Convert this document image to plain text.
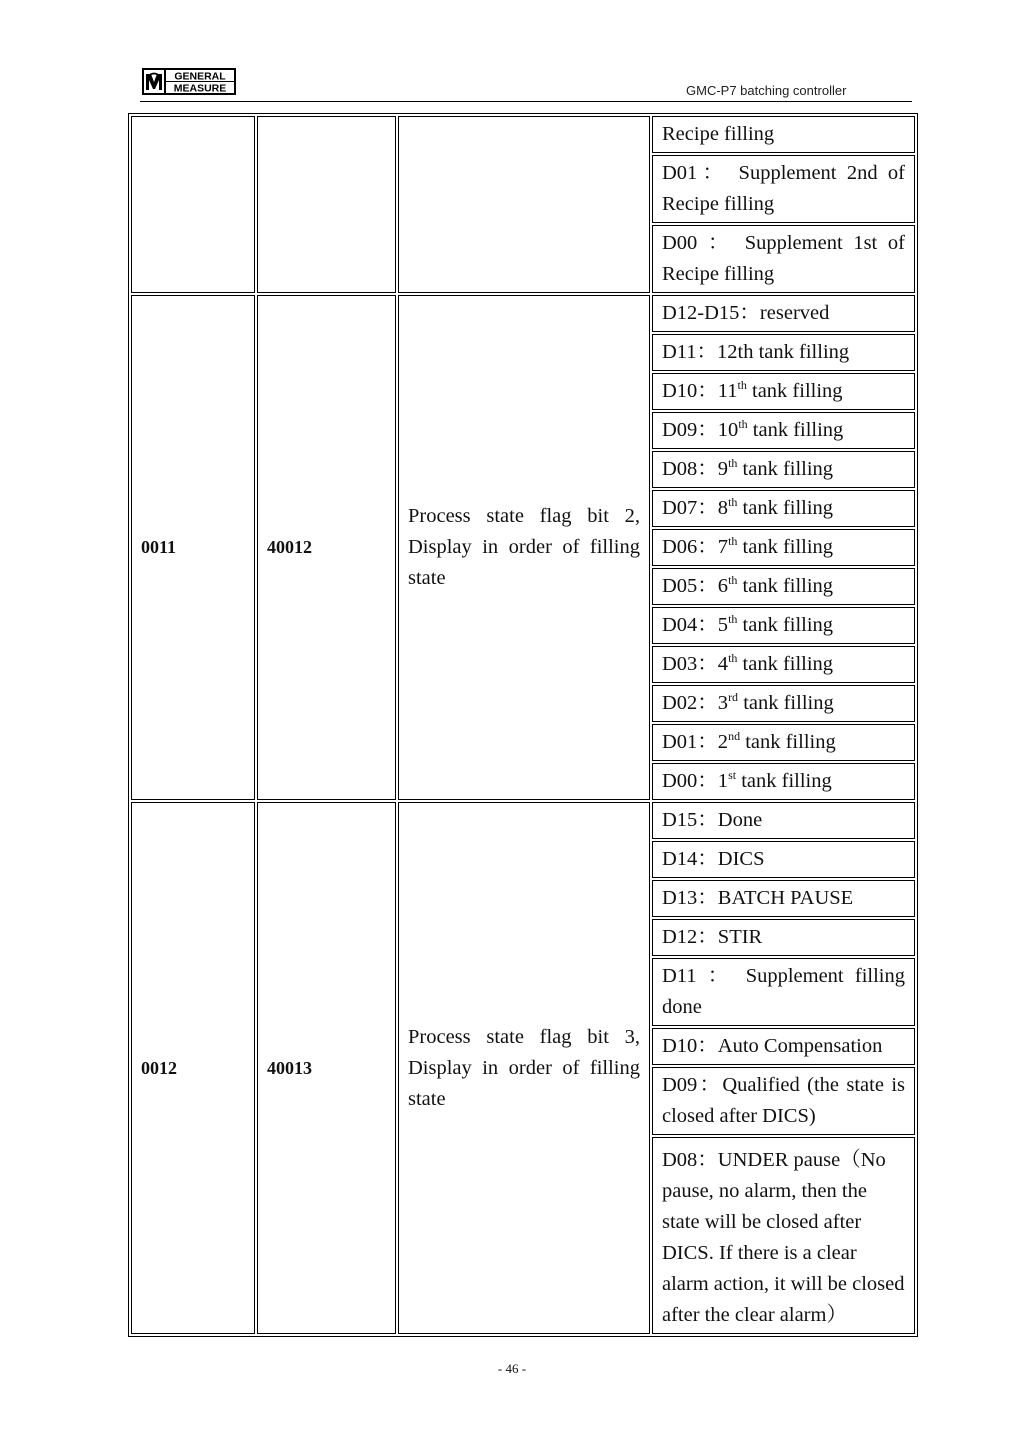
GENERAL
MEASURE	GMC-P7 batching controller
			Recipe filling
			D01： Supplement 2nd of Recipe filling
			D00 ： Supplement 1st of Recipe filling
0011	40012	Process state flag bit 2, Display in order of filling state	D12-D15：reserved
			D11：12th tank filling
			D10：11th tank filling
			D09：10th tank filling
			D08：9th tank filling
			D07：8th tank filling
			D06：7th tank filling
			D05：6th tank filling
			D04：5th tank filling
			D03：4th tank filling
			D02：3rd tank filling
			D01：2nd tank filling
			D00：1st tank filling
0012	40013	Process state flag bit 3, Display in order of filling state	D15：Done
			D14：DICS
			D13：BATCH PAUSE
			D12：STIR
			D11 ： Supplement filling done
			D10：Auto Compensation
			D09：Qualified (the state is closed after DICS)
			D08：UNDER pause（No pause, no alarm, then the state will be closed after DICS. If there is a clear alarm action, it will be closed after the clear alarm）
- 46 -
